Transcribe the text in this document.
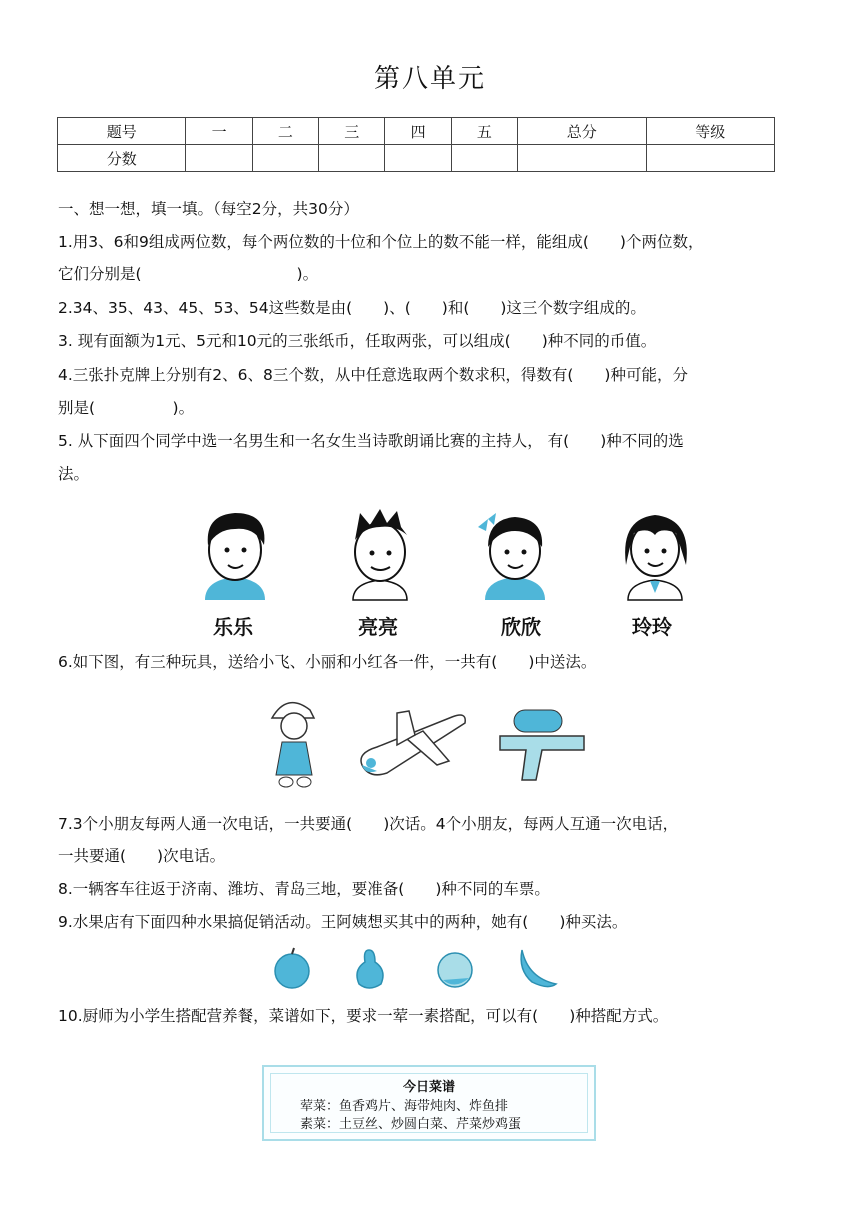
第八单元
题号	一	二	三	四	五	总分	等级
分数							
一、想一想，填一填。（每空2分，共30分）
1.用3、6和9组成两位数，每个两位数的十位和个位上的数不能一样，能组成(　　)个两位数，
它们分别是(　　　　　　　　　　)。
2.34、35、43、45、53、54这些数是由(　　)、(　　)和(　　)这三个数字组成的。
3. 现有面额为1元、5元和10元的三张纸币，任取两张，可以组成(　　)种不同的币值。
4.三张扑克牌上分别有2、6、8三个数，从中任意选取两个数求积，得数有(　　)种可能，分
别是(　　　　　)。
5. 从下面四个同学中选一名男生和一名女生当诗歌朗诵比赛的主持人， 有(　　)种不同的选
法。
乐乐	亮亮	欣欣	玲玲
6.如下图，有三种玩具，送给小飞、小丽和小红各一件，一共有(　　)中送法。
7.3个小朋友每两人通一次电话，一共要通(　　)次话。4个小朋友，每两人互通一次电话，
一共要通(　　)次电话。
8.一辆客车往返于济南、潍坊、青岛三地，要准备(　　)种不同的车票。
9.水果店有下面四种水果搞促销活动。王阿姨想买其中的两种，她有(　　)种买法。
10.厨师为小学生搭配营养餐，菜谱如下，要求一荤一素搭配，可以有(　　)种搭配方式。
今日菜谱
荤菜：鱼香鸡片、海带炖肉、炸鱼排
素菜：土豆丝、炒圆白菜、芹菜炒鸡蛋
